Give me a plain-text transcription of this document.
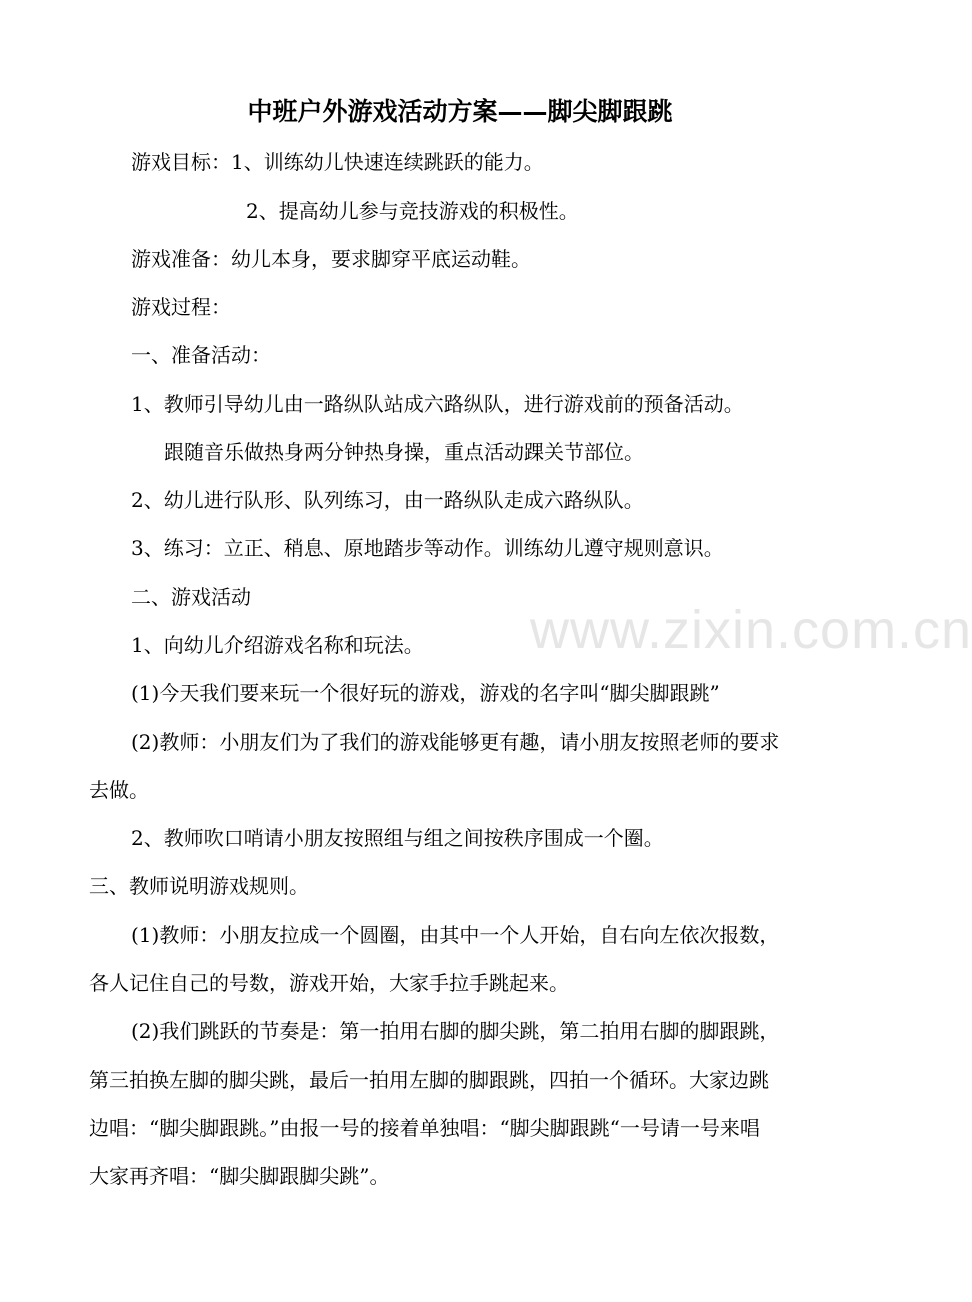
中班户外游戏活动方案——脚尖脚跟跳
游戏目标：1、训练幼儿快速连续跳跃的能力。
2、提高幼儿参与竞技游戏的积极性。
游戏准备：幼儿本身，要求脚穿平底运动鞋。
游戏过程：
一、准备活动：
1、教师引导幼儿由一路纵队站成六路纵队，进行游戏前的预备活动。
跟随音乐做热身两分钟热身操，重点活动踝关节部位。
2、幼儿进行队形、队列练习，由一路纵队走成六路纵队。
3、练习：立正、稍息、原地踏步等动作。训练幼儿遵守规则意识。
二、游戏活动
1、向幼儿介绍游戏名称和玩法。
(1)今天我们要来玩一个很好玩的游戏，游戏的名字叫“脚尖脚跟跳”
(2)教师：小朋友们为了我们的游戏能够更有趣，请小朋友按照老师的要求
去做。
2、教师吹口哨请小朋友按照组与组之间按秩序围成一个圈。
三、教师说明游戏规则。
(1)教师：小朋友拉成一个圆圈，由其中一个人开始，自右向左依次报数，
各人记住自己的号数，游戏开始，大家手拉手跳起来。
(2)我们跳跃的节奏是：第一拍用右脚的脚尖跳，第二拍用右脚的脚跟跳，
第三拍换左脚的脚尖跳，最后一拍用左脚的脚跟跳，四拍一个循环。大家边跳
边唱：“脚尖脚跟跳。”由报一号的接着单独唱：“脚尖脚跟跳“一号请一号来唱
大家再齐唱：“脚尖脚跟脚尖跳”。
www.zixin.com.cn
